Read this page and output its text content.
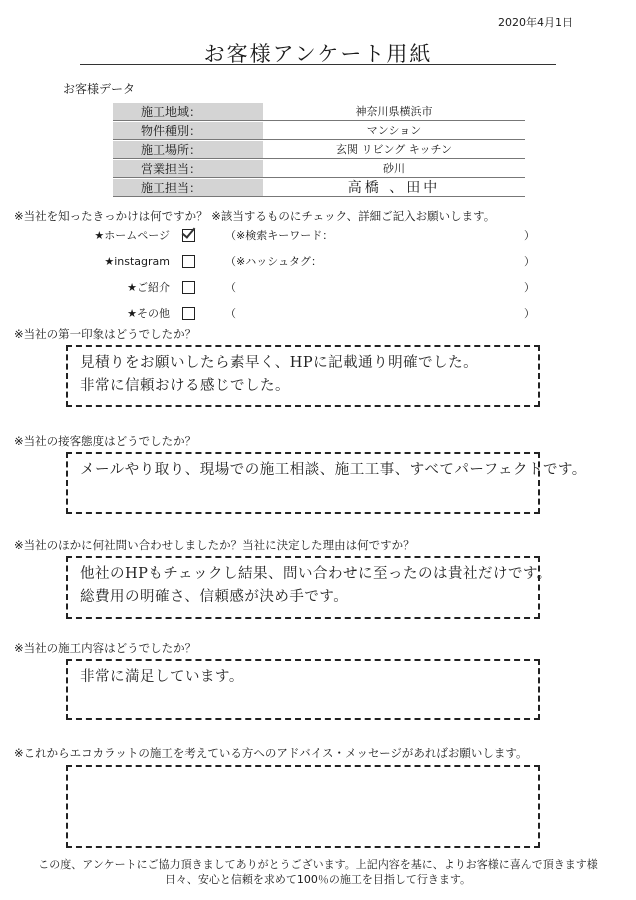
2020年4月1日
お客様アンケート用紙
お客様データ
施工地域：	神奈川県横浜市
物件種別：	マンション
施工場所：	玄関 リビング キッチン
営業担当：	砂川
施工担当：	高橋 、田中
※当社を知ったきっかけは何ですか？ ※該当するものにチェック、詳細ご記入お願いします。
★ホームページ	（※検索キーワード：	）
★instagram	（※ハッシュタグ：	）
★ご紹介	（	）
★その他	（	）
※当社の第一印象はどうでしたか？
見積りをお願いしたら素早く、HPに記載通り明確でした。
非常に信頼おける感じでした。
※当社の接客態度はどうでしたか？
メールやり取り、現場での施工相談、施工工事、すべてパーフェクトです。
※当社のほかに何社問い合わせしましたか？当社に決定した理由は何ですか？
他社のHPもチェックし結果、問い合わせに至ったのは貴社だけです。
総費用の明確さ、信頼感が決め手です。
※当社の施工内容はどうでしたか？
非常に満足しています。
※これからエコカラットの施工を考えている方へのアドバイス・メッセージがあればお願いします。
この度、アンケートにご協力頂きましてありがとうございます。上記内容を基に、よりお客様に喜んで頂きます様
日々、安心と信頼を求めて100％の施工を目指して行きます。
